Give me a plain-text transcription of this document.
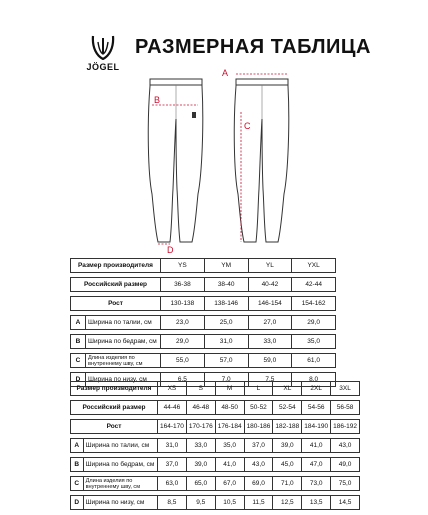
JÖGEL
РАЗМЕРНАЯ ТАБЛИЦА
A
B
C
D
Размер производителя		YS	YM	YL	YXL

Российский размер		36-38	38-40	40-42	42-44

Рост		130-138	138-146	146-154	154-162

A	Ширина по талии, см	23,0	25,0	27,0	29,0

B	Ширина по бедрам, см	29,0	31,0	33,0	35,0

C	Длина изделия по внутреннему шву, см	55,0	57,0	59,0	61,0

D	Ширина по низу, см	6,5	7,0	7,5	8,0
Размер производителя		XS	S	M	L	XL	2XL	3XL

Российский размер		44-46	46-48	48-50	50-52	52-54	54-56	56-58

Рост		164-170	170-176	176-184	180-186	182-188	184-190	186-192

A	Ширина по талии, см	31,0	33,0	35,0	37,0	39,0	41,0	43,0

B	Ширина по бедрам, см	37,0	39,0	41,0	43,0	45,0	47,0	49,0

C	Длина изделия по внутреннему шву, см	63,0	65,0	67,0	69,0	71,0	73,0	75,0

D	Ширина по низу, см	8,5	9,5	10,5	11,5	12,5	13,5	14,5
